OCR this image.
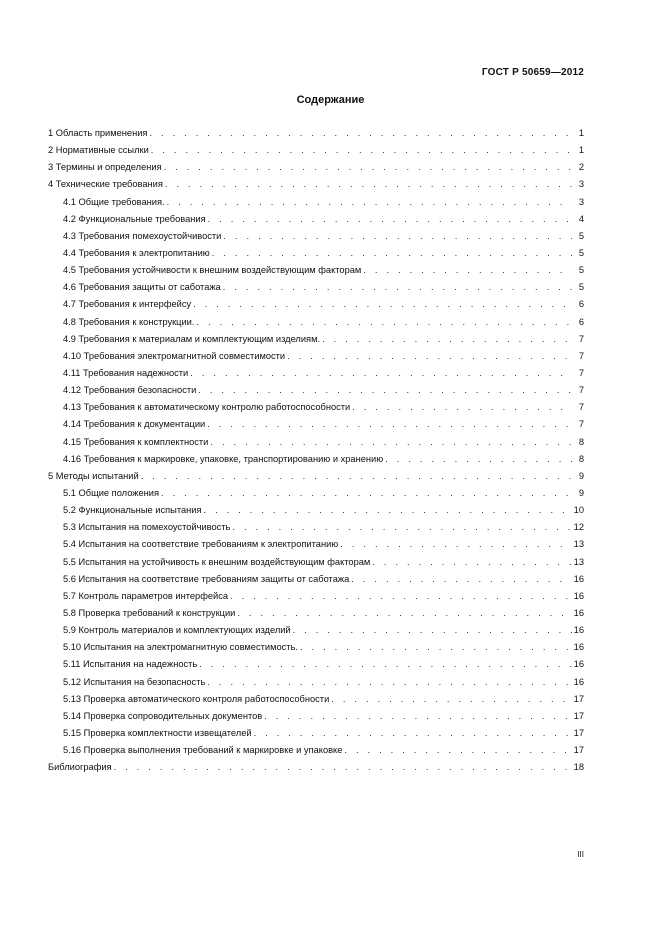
ГОСТ Р 50659—2012
Содержание
1 Область применения . . .	1
2 Нормативные ссылки . . .	1
3 Термины и определения . . .	2
4 Технические требования . . .	3
4.1 Общие требования. . . .	3
4.2 Функциональные требования . . .	4
4.3 Требования помехоустойчивости . . .	5
4.4 Требования к электропитанию . . .	5
4.5 Требования устойчивости к внешним воздействующим факторам . . .	5
4.6 Требования защиты от саботажа . . .	5
4.7 Требования к интерфейсу . . .	6
4.8 Требования к конструкции. . . .	6
4.9 Требования к материалам и комплектующим изделиям. . . .	7
4.10 Требования электромагнитной совместимости . . .	7
4.11 Требования надежности . . .	7
4.12 Требования безопасности . . .	7
4.13 Требования к автоматическому контролю работоспособности . . .	7
4.14 Требования к документации . . .	7
4.15 Требования к комплектности . . .	8
4.16 Требования к маркировке, упаковке, транспортированию и хранению . . .	8
5 Методы испытаний . . .	9
5.1 Общие положения . . .	9
5.2 Функциональные испытания . . .	10
5.3 Испытания на помехоустойчивость . . .	12
5.4 Испытания на соответствие требованиям к электропитанию . . .	13
5.5 Испытания на устойчивость к внешним воздействующим факторам . . .	13
5.6 Испытания на соответствие требованиям защиты от саботажа . . .	16
5.7 Контроль параметров интерфейса . . .	16
5.8 Проверка требований к конструкции . . .	16
5.9 Контроль материалов и комплектующих изделий . . .	16
5.10 Испытания на электромагнитную совместимость. . . .	16
5.11 Испытания на надежность . . .	16
5.12 Испытания на безопасность . . .	16
5.13 Проверка автоматического контроля работоспособности . . .	17
5.14 Проверка сопроводительных документов . . .	17
5.15 Проверка комплектности извещателей . . .	17
5.16 Проверка выполнения требований к маркировке и упаковке . . .	17
Библиография . . .	18
III
